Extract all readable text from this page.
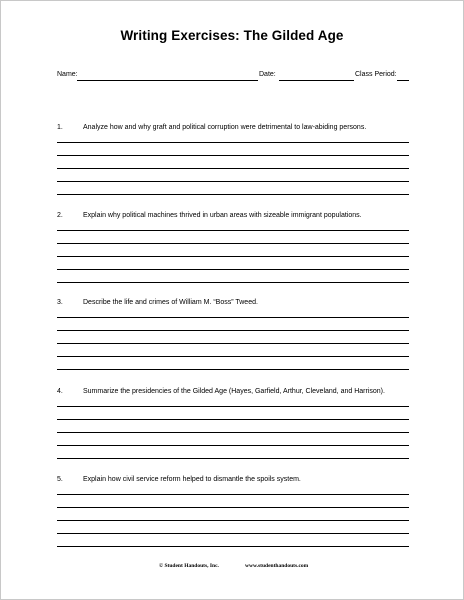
Writing Exercises: The Gilded Age
Name:	Date:	Class Period:
1.	Analyze how and why graft and political corruption were detrimental to law-abiding persons.
2.	Explain why political machines thrived in urban areas with sizeable immigrant populations.
3.	Describe the life and crimes of William M. “Boss” Tweed.
4.	Summarize the presidencies of the Gilded Age (Hayes, Garfield, Arthur, Cleveland, and Harrison).
5.	Explain how civil service reform helped to dismantle the spoils system.
© Student Handouts, Inc.	www.studenthandouts.com
